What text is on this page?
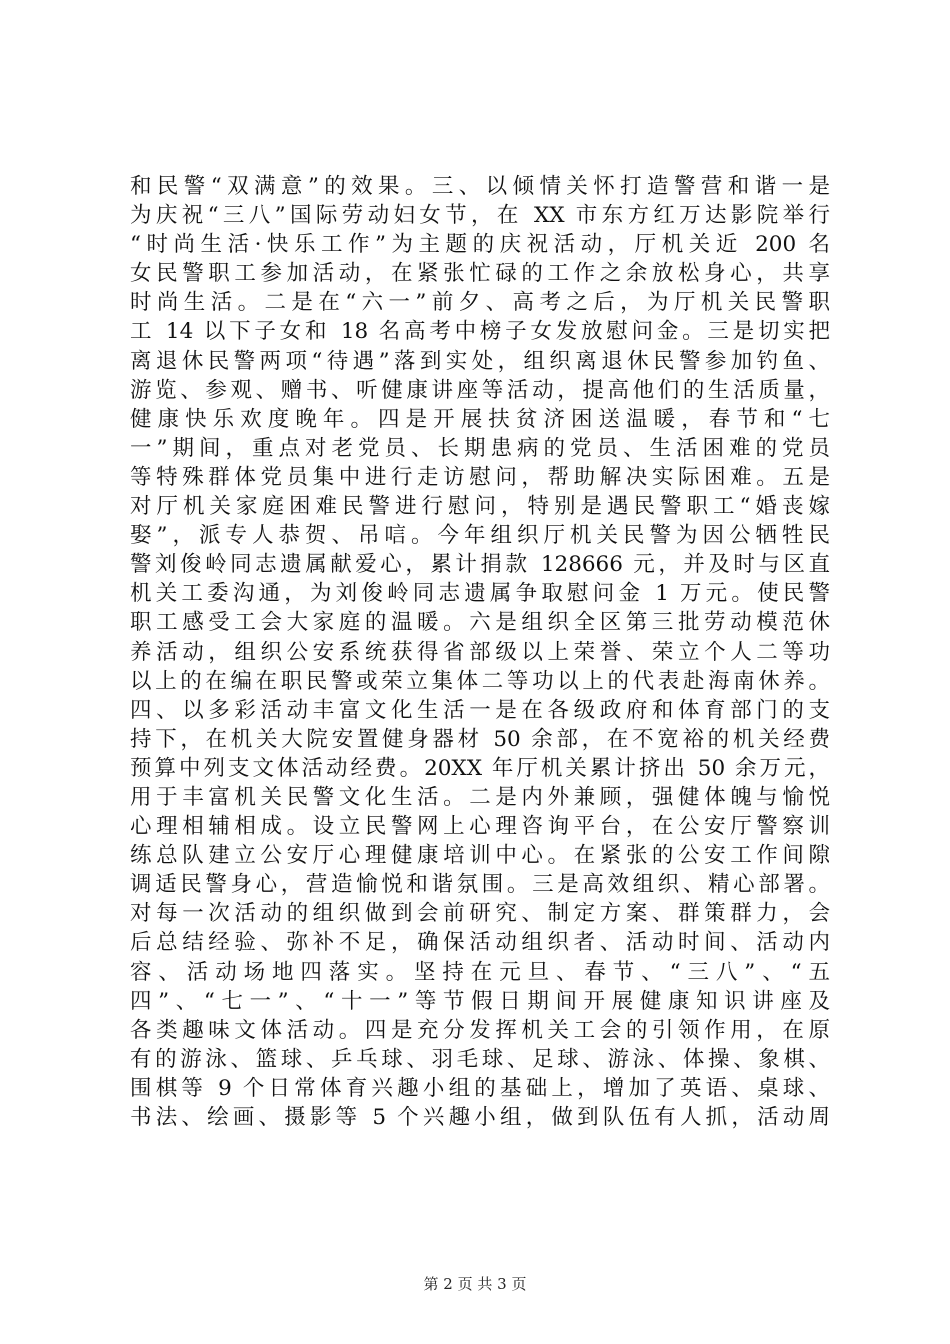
和民警“双满意”的效果。三、以倾情关怀打造警营和谐一是
为庆祝“三八”国际劳动妇女节，在 XX 市东方红万达影院举行
“时尚生活·快乐工作”为主题的庆祝活动，厅机关近 200 名
女民警职工参加活动，在紧张忙碌的工作之余放松身心，共享
时尚生活。二是在“六一”前夕、高考之后，为厅机关民警职
工 14 以下子女和 18 名高考中榜子女发放慰问金。三是切实把
离退休民警两项“待遇”落到实处，组织离退休民警参加钓鱼、
游览、参观、赠书、听健康讲座等活动，提高他们的生活质量，
健康快乐欢度晚年。四是开展扶贫济困送温暖，春节和“七
一”期间，重点对老党员、长期患病的党员、生活困难的党员
等特殊群体党员集中进行走访慰问，帮助解决实际困难。五是
对厅机关家庭困难民警进行慰问，特别是遇民警职工“婚丧嫁
娶”，派专人恭贺、吊唁。今年组织厅机关民警为因公牺牲民
警刘俊岭同志遗属献爱心，累计捐款 128666 元，并及时与区直
机关工委沟通，为刘俊岭同志遗属争取慰问金 1 万元。使民警
职工感受工会大家庭的温暖。六是组织全区第三批劳动模范休
养活动，组织公安系统获得省部级以上荣誉、荣立个人二等功
以上的在编在职民警或荣立集体二等功以上的代表赴海南休养。
四、以多彩活动丰富文化生活一是在各级政府和体育部门的支
持下，在机关大院安置健身器材 50 余部，在不宽裕的机关经费
预算中列支文体活动经费。20XX 年厅机关累计挤出 50 余万元，
用于丰富机关民警文化生活。二是内外兼顾，强健体魄与愉悦
心理相辅相成。设立民警网上心理咨询平台，在公安厅警察训
练总队建立公安厅心理健康培训中心。在紧张的公安工作间隙
调适民警身心，营造愉悦和谐氛围。三是高效组织、精心部署。
对每一次活动的组织做到会前研究、制定方案、群策群力，会
后总结经验、弥补不足，确保活动组织者、活动时间、活动内
容、活动场地四落实。坚持在元旦、春节、“三八”、“五
四”、“七一”、“十一”等节假日期间开展健康知识讲座及
各类趣味文体活动。四是充分发挥机关工会的引领作用，在原
有的游泳、篮球、乒乓球、羽毛球、足球、游泳、体操、象棋、
围棋等 9 个日常体育兴趣小组的基础上，增加了英语、桌球、
书法、绘画、摄影等 5 个兴趣小组，做到队伍有人抓，活动周
第 2 页 共 3 页
